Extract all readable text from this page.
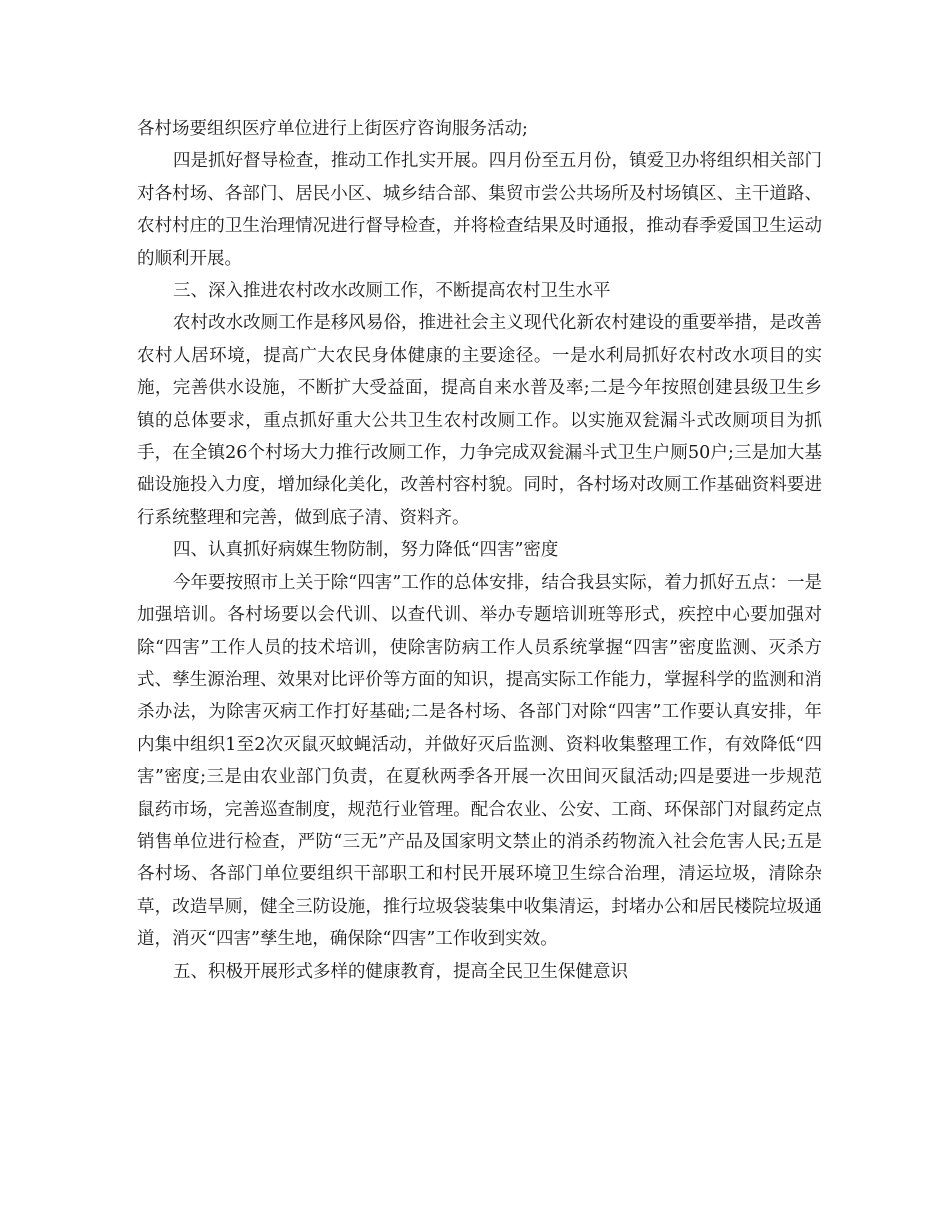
各村场要组织医疗单位进行上街医疗咨询服务活动;

四是抓好督导检查，推动工作扎实开展。四月份至五月份，镇爱卫办将组织相关部门对各村场、各部门、居民小区、城乡结合部、集贸市尝公共场所及村场镇区、主干道路、农村村庄的卫生治理情况进行督导检查，并将检查结果及时通报，推动春季爱国卫生运动的顺利开展。

三、深入推进农村改水改厕工作，不断提高农村卫生水平

农村改水改厕工作是移风易俗，推进社会主义现代化新农村建设的重要举措，是改善农村人居环境，提高广大农民身体健康的主要途径。一是水利局抓好农村改水项目的实施，完善供水设施，不断扩大受益面，提高自来水普及率;二是今年按照创建县级卫生乡镇的总体要求，重点抓好重大公共卫生农村改厕工作。以实施双瓮漏斗式改厕项目为抓手，在全镇26个村场大力推行改厕工作，力争完成双瓮漏斗式卫生户厕50户;三是加大基础设施投入力度，增加绿化美化，改善村容村貌。同时，各村场对改厕工作基础资料要进行系统整理和完善，做到底子清、资料齐。

四、认真抓好病媒生物防制，努力降低“四害”密度

今年要按照市上关于除“四害”工作的总体安排，结合我县实际，着力抓好五点：一是加强培训。各村场要以会代训、以查代训、举办专题培训班等形式，疾控中心要加强对除“四害”工作人员的技术培训，使除害防病工作人员系统掌握“四害”密度监测、灭杀方式、孳生源治理、效果对比评价等方面的知识，提高实际工作能力，掌握科学的监测和消杀办法，为除害灭病工作打好基础;二是各村场、各部门对除“四害”工作要认真安排，年内集中组织1至2次灭鼠灭蚊蝇活动，并做好灭后监测、资料收集整理工作，有效降低“四害”密度;三是由农业部门负责，在夏秋两季各开展一次田间灭鼠活动;四是要进一步规范鼠药市场，完善巡查制度，规范行业管理。配合农业、公安、工商、环保部门对鼠药定点销售单位进行检查，严防“三无”产品及国家明文禁止的消杀药物流入社会危害人民;五是各村场、各部门单位要组织干部职工和村民开展环境卫生综合治理，清运垃圾，清除杂草，改造旱厕，健全三防设施，推行垃圾袋装集中收集清运，封堵办公和居民楼院垃圾通道，消灭“四害”孳生地，确保除“四害”工作收到实效。

五、积极开展形式多样的健康教育，提高全民卫生保健意识
